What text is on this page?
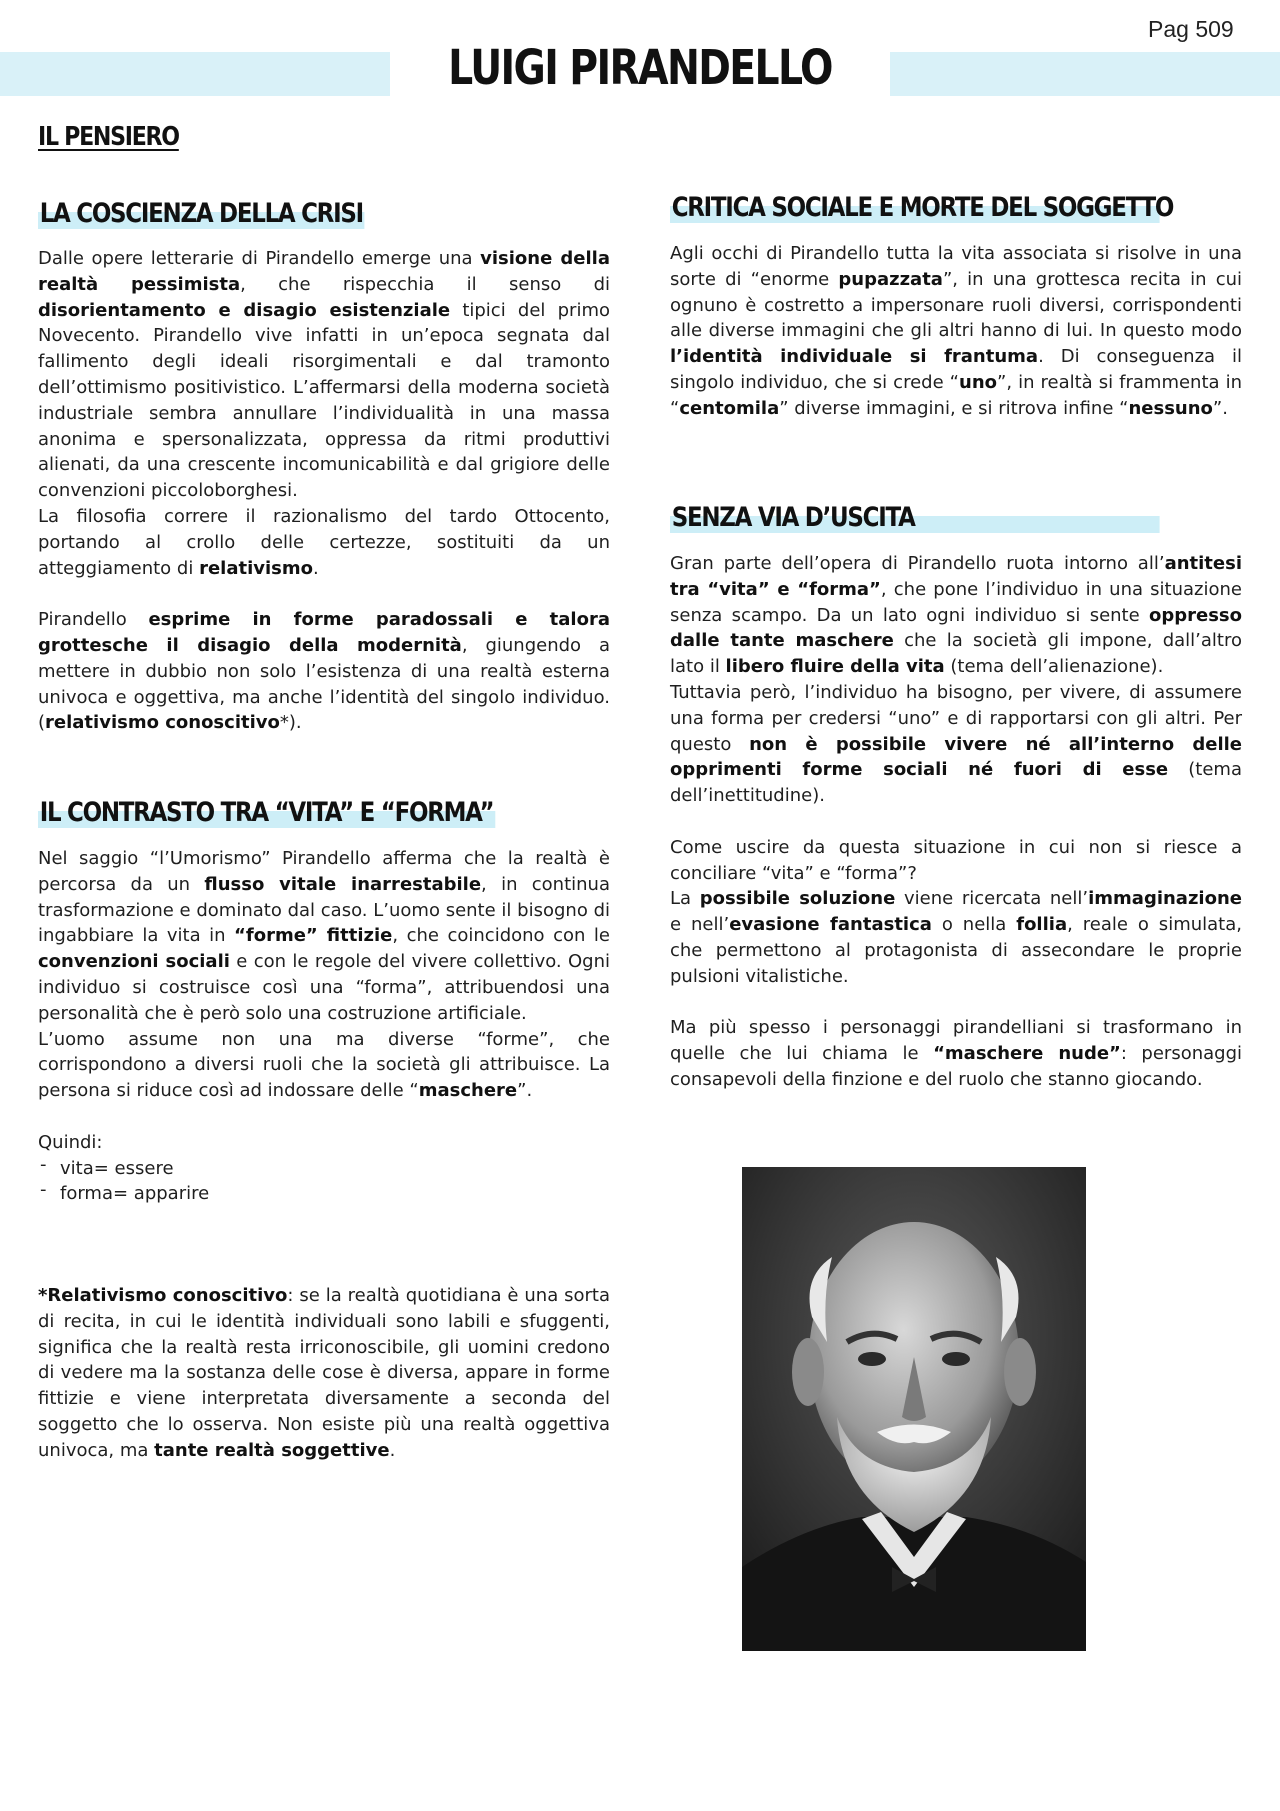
Pag 509
LUIGI PIRANDELLO
IL PENSIERO
LA COSCIENZA DELLA CRISI

Dalle opere letterarie di Pirandello emerge una visione della realtà pessimista, che rispecchia il senso di disorientamento e disagio esistenziale tipici del primo Novecento. Pirandello vive infatti in un’epoca segnata dal fallimento degli ideali risorgimentali e dal tramonto dell’ottimismo positivistico. L’affermarsi della moderna società industriale sembra annullare l’individualità in una massa anonima e spersonalizzata, oppressa da ritmi produttivi alienati, da una crescente incomunicabilità e dal grigiore delle convenzioni piccoloborghesi.

La filosofia correre il razionalismo del tardo Ottocento, portando al crollo delle certezze, sostituiti da un atteggiamento di relativismo.

Pirandello esprime in forme paradossali e talora grottesche il disagio della modernità, giungendo a mettere in dubbio non solo l’esistenza di una realtà esterna univoca e oggettiva, ma anche l’identità del singolo individuo. (relativismo conoscitivo*).

IL CONTRASTO TRA “VITA” E “FORMA”

Nel saggio “l’Umorismo” Pirandello afferma che la realtà è percorsa da un flusso vitale inarrestabile, in continua trasformazione e dominato dal caso. L’uomo sente il bisogno di ingabbiare la vita in “forme” fittizie, che coincidono con le convenzioni sociali e con le regole del vivere collettivo. Ogni individuo si costruisce così una “forma”, attribuendosi una personalità che è però solo una costruzione artificiale.

L’uomo assume non una ma diverse “forme”, che corrispondono a diversi ruoli che la società gli attribuisce. La persona si riduce così ad indossare delle “maschere”.

Quindi:

- vita= essere
- forma= apparire

*Relativismo conoscitivo: se la realtà quotidiana è una sorta di recita, in cui le identità individuali sono labili e sfuggenti, significa che la realtà resta irriconoscibile, gli uomini credono di vedere ma la sostanza delle cose è diversa, appare in forme fittizie e viene interpretata diversamente a seconda del soggetto che lo osserva. Non esiste più una realtà oggettiva univoca, ma tante realtà soggettive.

CRITICA SOCIALE E MORTE DEL SOGGETTO

Agli occhi di Pirandello tutta la vita associata si risolve in una sorte di “enorme pupazzata”, in una grottesca recita in cui ognuno è costretto a impersonare ruoli diversi, corrispondenti alle diverse immagini che gli altri hanno di lui. In questo modo l’identità individuale si frantuma. Di conseguenza il singolo individuo, che si crede “uno”, in realtà si frammenta in “centomila” diverse immagini, e si ritrova infine “nessuno”.

SENZA VIA D’USCITA

Gran parte dell’opera di Pirandello ruota intorno all’antitesi tra “vita” e “forma”, che pone l’individuo in una situazione senza scampo. Da un lato ogni individuo si sente oppresso dalle tante maschere che la società gli impone, dall’altro lato il libero fluire della vita (tema dell’alienazione).

Tuttavia però, l’individuo ha bisogno, per vivere, di assumere una forma per credersi “uno” e di rapportarsi con gli altri. Per questo non è possibile vivere né all’interno delle opprimenti forme sociali né fuori di esse (tema dell’inettitudine).

Come uscire da questa situazione in cui non si riesce a conciliare “vita” e “forma”?

La possibile soluzione viene ricercata nell’immaginazione e nell’evasione fantastica o nella follia, reale o simulata, che permettono al protagonista di assecondare le proprie pulsioni vitalistiche.

Ma più spesso i personaggi pirandelliani si trasformano in quelle che lui chiama le “maschere nude”: personaggi consapevoli della finzione e del ruolo che stanno giocando.
